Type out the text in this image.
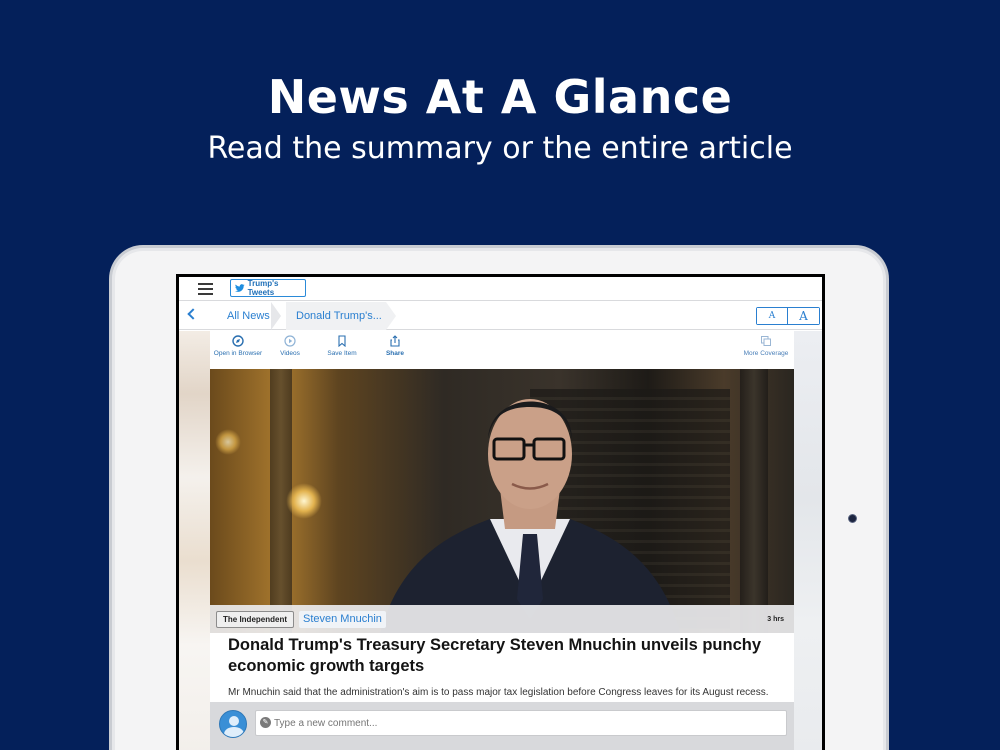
News At A Glance
Read the summary or the entire article
Trump's Tweets
All News	Donald Trump's...	A	A
Open in Browser	Videos	Save Item	Share	More Coverage
The Independent	Steven Mnuchin	3 hrs
Donald Trump's Treasury Secretary Steven Mnuchin unveils punchy economic growth targets
Mr Mnuchin said that the administration's aim is to pass major tax legislation before Congress leaves for its August recess.
Type a new comment...
✎
